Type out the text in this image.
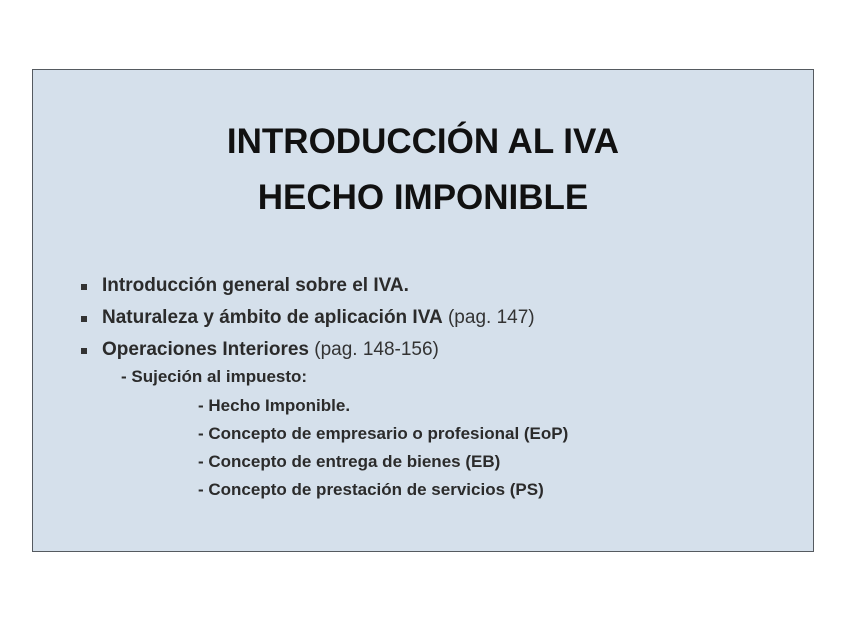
INTRODUCCIÓN AL IVA
HECHO IMPONIBLE
Introducción general sobre el IVA.
Naturaleza y ámbito de aplicación IVA (pag. 147)
Operaciones Interiores (pag. 148-156)
- Sujeción al impuesto:
- Hecho Imponible.
- Concepto de empresario o profesional (EoP)
- Concepto de entrega de bienes (EB)
- Concepto de prestación de servicios (PS)
